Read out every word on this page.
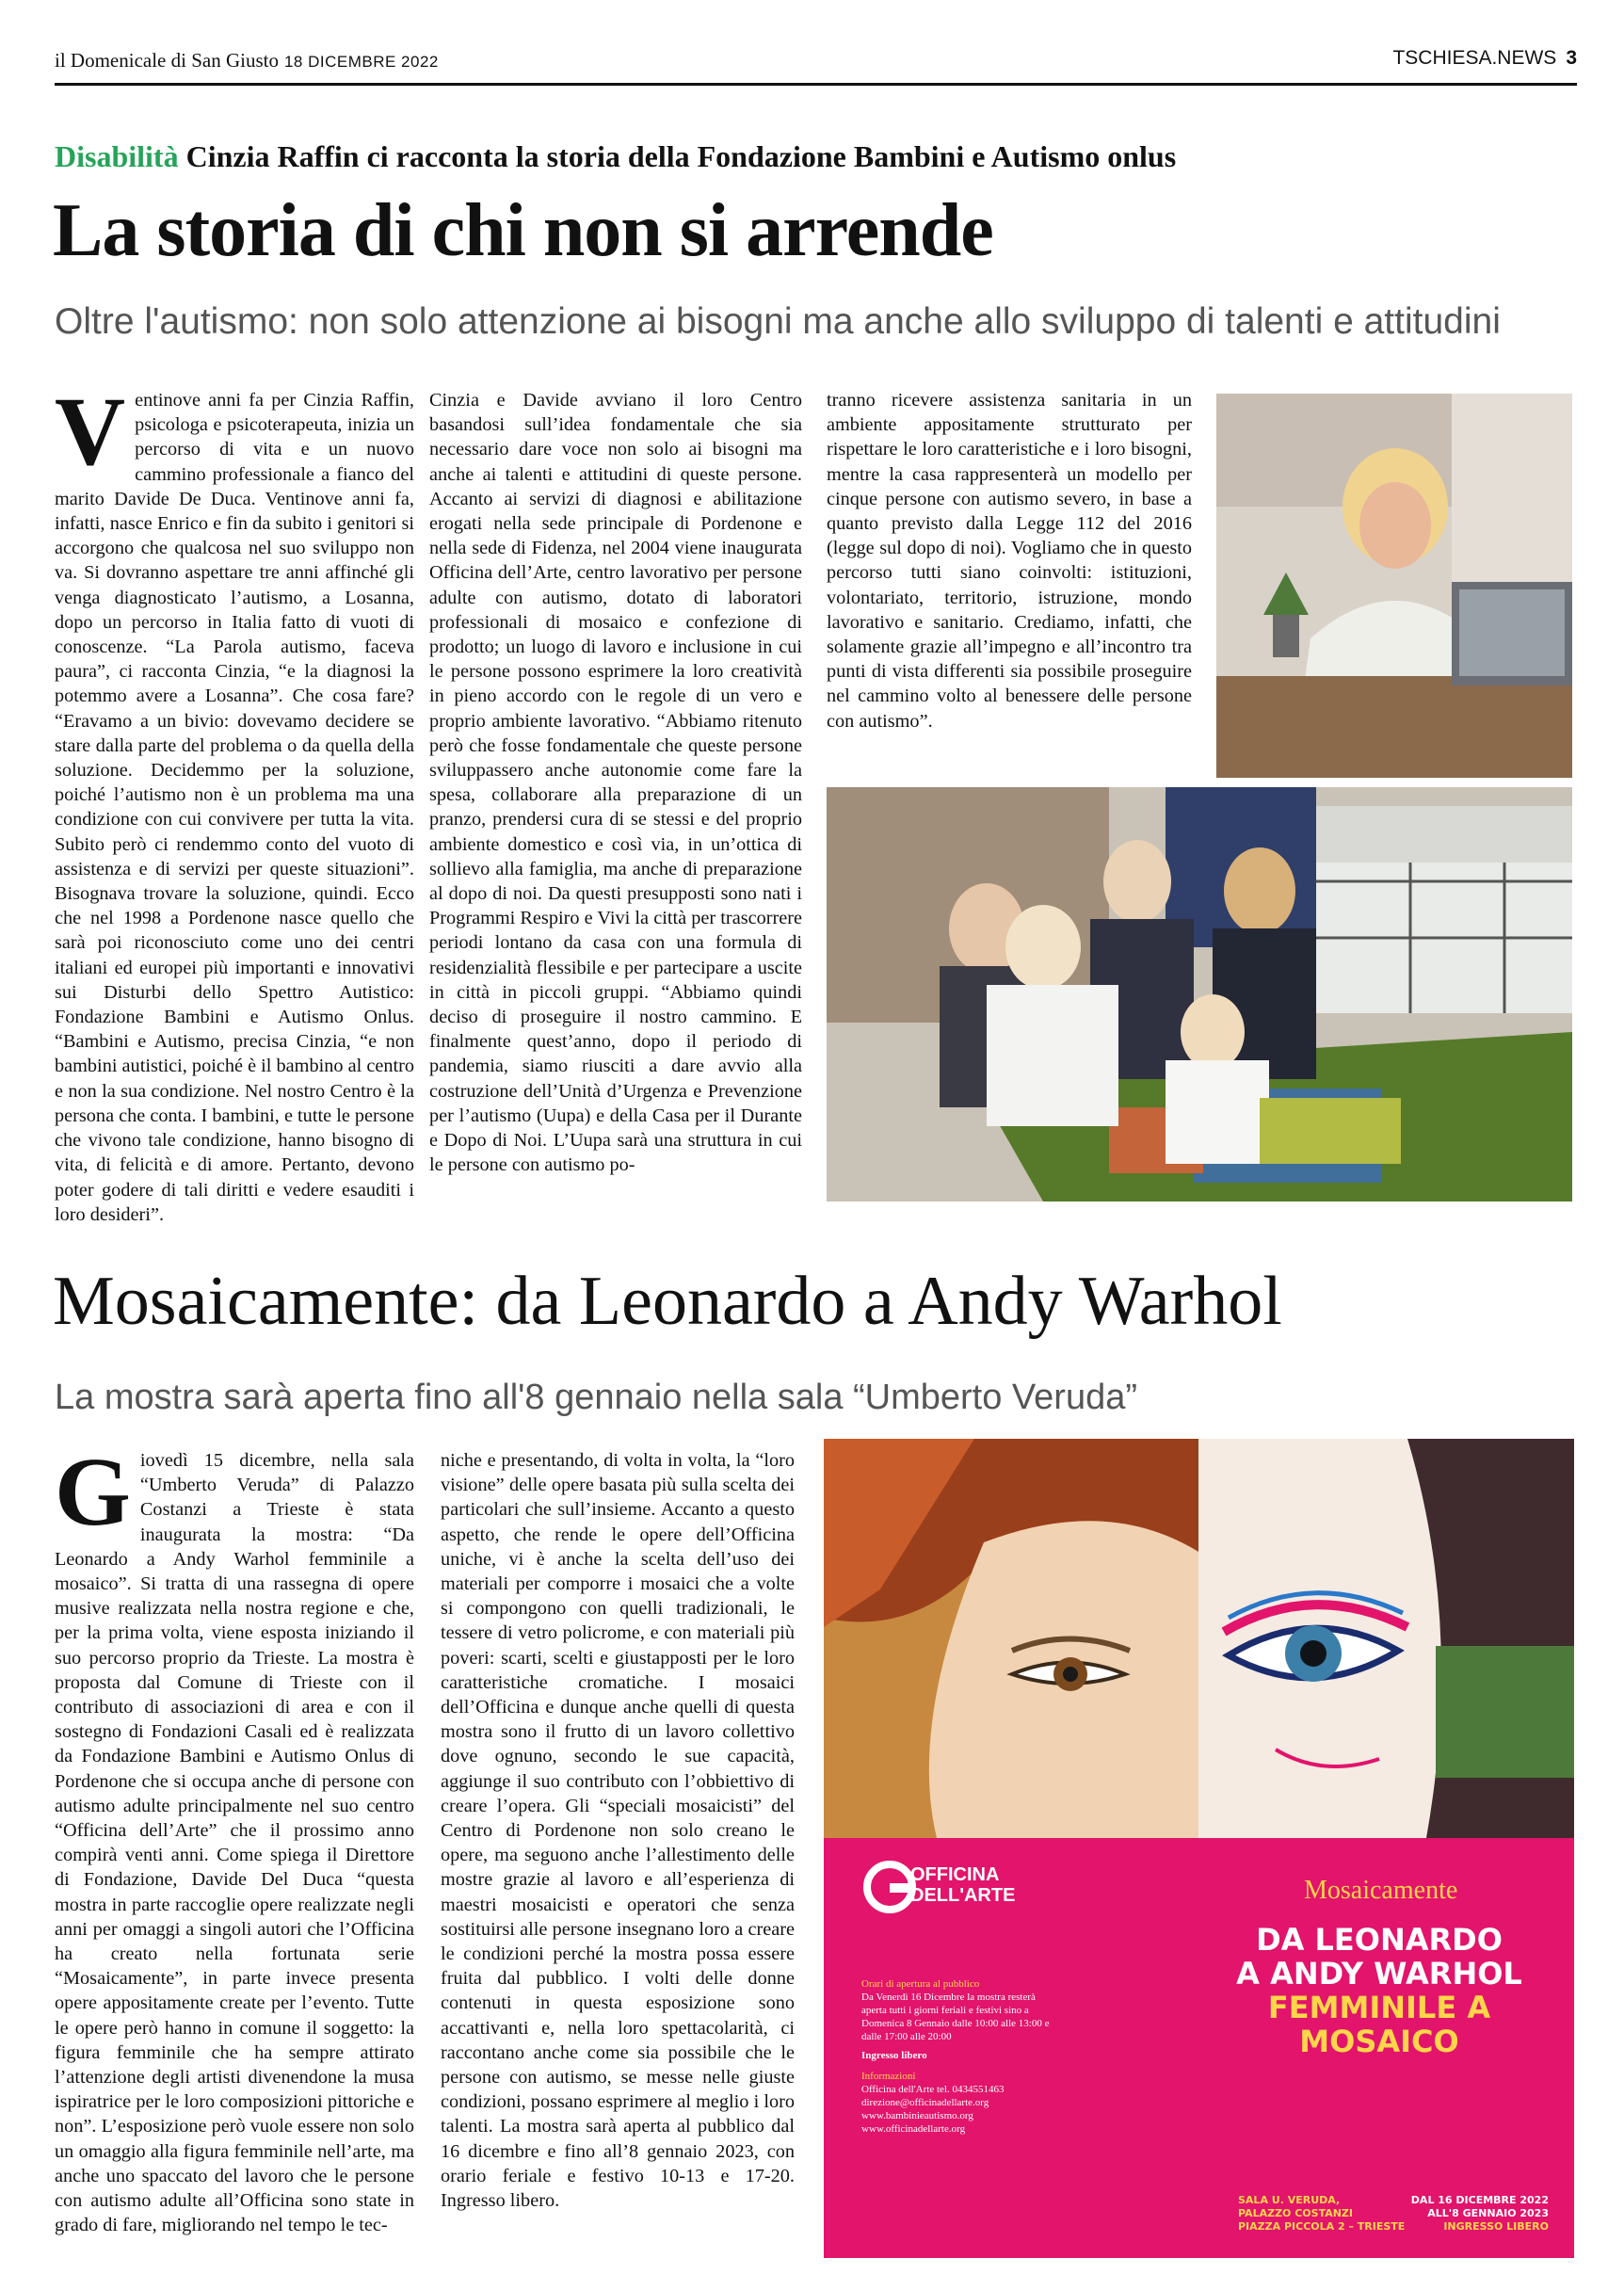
il Domenicale di San Giusto 18 DICEMBRE 2022	TSCHIESA.NEWS 3
Disabilità Cinzia Raffin ci racconta la storia della Fondazione Bambini e Autismo onlus
La storia di chi non si arrende
Oltre l'autismo: non solo attenzione ai bisogni ma anche allo sviluppo di talenti e attitudini
V entinove anni fa per Cinzia Raffin, psicologa e psicoterapeuta, inizia un percorso di vita e un nuovo cammino professionale a fianco del marito Davide De Duca. Ventinove anni fa, infatti, nasce Enrico e fin da subito i genitori si accorgono che qualcosa nel suo sviluppo non va. Si dovranno aspettare tre anni affinché gli venga diagnosticato l’autismo, a Losanna, dopo un percorso in Italia fatto di vuoti di conoscenze. “La Parola autismo, faceva paura”, ci racconta Cinzia, “e la diagnosi la potemmo avere a Losanna”. Che cosa fare? “Eravamo a un bivio: dovevamo decidere se stare dalla parte del problema o da quella della soluzione. Decidemmo per la soluzione, poiché l’autismo non è un problema ma una condizione con cui convivere per tutta la vita. Subito però ci rendemmo conto del vuoto di assistenza e di servizi per queste situazioni”. Bisognava trovare la soluzione, quindi. Ecco che nel 1998 a Pordenone nasce quello che sarà poi riconosciuto come uno dei centri italiani ed europei più importanti e innovativi sui Disturbi dello Spettro Autistico: Fondazione Bambini e Autismo Onlus. “Bambini e Autismo, precisa Cinzia, “e non bambini autistici, poiché è il bambino al centro e non la sua condizione. Nel nostro Centro è la persona che conta. I bambini, e tutte le persone che vivono tale condizione, hanno bisogno di vita, di felicità e di amore. Pertanto, devono poter godere di tali diritti e vedere esauditi i loro desideri”.

Cinzia e Davide avviano il loro Centro basandosi sull’idea fondamentale che sia necessario dare voce non solo ai bisogni ma anche ai talenti e attitudini di queste persone. Accanto ai servizi di diagnosi e abilitazione erogati nella sede principale di Pordenone e nella sede di Fidenza, nel 2004 viene inaugurata Officina dell’Arte, centro lavorativo per persone adulte con autismo, dotato di laboratori professionali di mosaico e confezione di prodotto; un luogo di lavoro e inclusione in cui le persone possono esprimere la loro creatività in pieno accordo con le regole di un vero e proprio ambiente lavorativo. “Abbiamo ritenuto però che fosse fondamentale che queste persone sviluppassero anche autonomie come fare la spesa, collaborare alla preparazione di un pranzo, prendersi cura di se stessi e del proprio ambiente domestico e così via, in un’ottica di sollievo alla famiglia, ma anche di preparazione al dopo di noi. Da questi presupposti sono nati i Programmi Respiro e Vivi la città per trascorrere periodi lontano da casa con una formula di residenzialità flessibile e per partecipare a uscite in città in piccoli gruppi. “Abbiamo quindi deciso di proseguire il nostro cammino. E finalmente quest’anno, dopo il periodo di pandemia, siamo riusciti a dare avvio alla costruzione dell’Unità d’Urgenza e Prevenzione per l’autismo (Uupa) e della Casa per il Durante e Dopo di Noi. L’Uupa sarà una struttura in cui le persone con autismo po-

tranno ricevere assistenza sanitaria in un ambiente appositamente strutturato per rispettare le loro caratteristiche e i loro bisogni, mentre la casa rappresenterà un modello per cinque persone con autismo severo, in base a quanto previsto dalla Legge 112 del 2016 (legge sul dopo di noi). Vogliamo che in questo percorso tutti siano coinvolti: istituzioni, volontariato, territorio, istruzione, mondo lavorativo e sanitario. Crediamo, infatti, che solamente grazie all’impegno e all’incontro tra punti di vista differenti sia possibile proseguire nel cammino volto al benessere delle persone con autismo”.

Mosaicamente: da Leonardo a Andy Warhol
La mostra sarà aperta fino all'8 gennaio nella sala “Umberto Veruda”
G iovedì 15 dicembre, nella sala “Umberto Veruda” di Palazzo Costanzi a Trieste è stata inaugurata la mostra: “Da Leonardo a Andy Warhol femminile a mosaico”. Si tratta di una rassegna di opere musive realizzata nella nostra regione e che, per la prima volta, viene esposta iniziando il suo percorso proprio da Trieste. La mostra è proposta dal Comune di Trieste con il contributo di associazioni di area e con il sostegno di Fondazioni Casali ed è realizzata da Fondazione Bambini e Autismo Onlus di Pordenone che si occupa anche di persone con autismo adulte principalmente nel suo centro “Officina dell’Arte” che il prossimo anno compirà venti anni. Come spiega il Direttore di Fondazione, Davide Del Duca “questa mostra in parte raccoglie opere realizzate negli anni per omaggi a singoli autori che l’Officina ha creato nella fortunata serie “Mosaicamente”, in parte invece presenta opere appositamente create per l’evento. Tutte le opere però hanno in comune il soggetto: la figura femminile che ha sempre attirato l’attenzione degli artisti divenendone la musa ispiratrice per le loro composizioni pittoriche e non”. L’esposizione però vuole essere non solo un omaggio alla figura femminile nell’arte, ma anche uno spaccato del lavoro che le persone con autismo adulte all’Officina sono state in grado di fare, migliorando nel tempo le tec-

niche e presentando, di volta in volta, la “loro visione” delle opere basata più sulla scelta dei particolari che sull’insieme. Accanto a questo aspetto, che rende le opere dell’Officina uniche, vi è anche la scelta dell’uso dei materiali per comporre i mosaici che a volte si compongono con quelli tradizionali, le tessere di vetro policrome, e con materiali più poveri: scarti, scelti e giustapposti per le loro caratteristiche cromatiche. I mosaici dell’Officina e dunque anche quelli di questa mostra sono il frutto di un lavoro collettivo dove ognuno, secondo le sue capacità, aggiunge il suo contributo con l’obbiettivo di creare l’opera. Gli “speciali mosaicisti” del Centro di Pordenone non solo creano le opere, ma seguono anche l’allestimento delle mostre grazie al lavoro e all’esperienza di maestri mosaicisti e operatori che senza sostituirsi alle persone insegnano loro a creare le condizioni perché la mostra possa essere fruita dal pubblico. I volti delle donne contenuti in questa esposizione sono accattivanti e, nella loro spettacolarità, ci raccontano anche come sia possibile che le persone con autismo, se messe nelle giuste condizioni, possano esprimere al meglio i loro talenti. La mostra sarà aperta al pubblico dal 16 dicembre e fino all’8 gennaio 2023, con orario feriale e festivo 10-13 e 17-20. Ingresso libero.

OFFICINA
DELL'ARTE	Mosaicamente
DA LEONARDO
A ANDY WARHOL
FEMMINILE A
MOSAICO
Orari di apertura al pubblico
Da Venerdì 16 Dicembre la mostra resterà aperta tutti i giorni feriali e festivi sino a Domenica 8 Gennaio dalle 10:00 alle 13:00 e dalle 17:00 alle 20:00
Ingresso libero
Informazioni
Officina dell'Arte tel. 0434551463 direzione@officinadellarte.org www.bambinieautismo.org www.officinadellarte.org
SALA U. VERUDA,
PALAZZO COSTANZI
PIAZZA PICCOLA 2 – TRIESTE
DAL 16 DICEMBRE 2022
ALL'8 GENNAIO 2023
INGRESSO LIBERO
